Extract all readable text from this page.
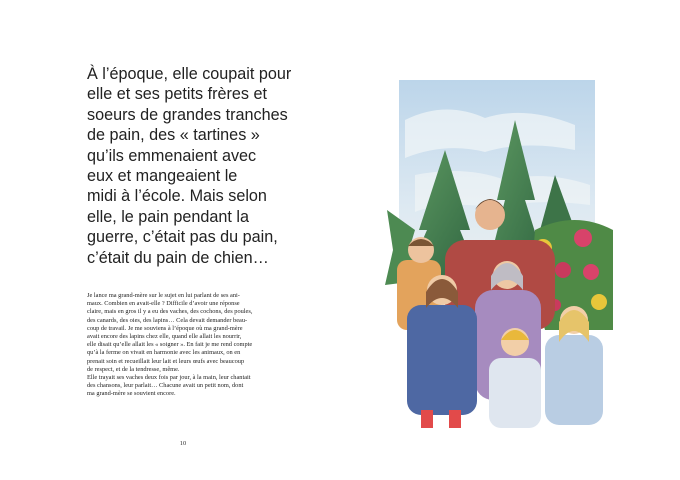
À l’époque, elle coupait pour
elle et ses petits frères et
soeurs de grandes tranches
de pain, des « tartines »
qu’ils emmenaient avec
eux et mangeaient le
midi à l’école. Mais selon
elle, le pain pendant la
guerre, c’était pas du pain,
c’était du pain de chien…

Je lance ma grand-mère sur le sujet en lui parlant de ses ani-
maux. Combien en avait-elle ? Difficile d’avoir une réponse
claire, mais en gros il y a eu des vaches, des cochons, des poules,
des canards, des oies, des lapins… Cela devait demander beau-
coup de travail. Je me souviens à l’époque où ma grand-mère
avait encore des lapins chez elle, quand elle allait les nourrir,
elle disait qu’elle allait les « soigner ». En fait je me rend compte
qu’à la ferme on vivait en harmonie avec les animaux, on en
prenait soin et recueillait leur lait et leurs œufs avec beaucoup
de respect, et de la tendresse, même.
Elle trayait ses vaches deux fois par jour, à la main, leur chantait
des chansons, leur parlait… Chacune avait un petit nom, dont
ma grand-mère se souvient encore.

10
